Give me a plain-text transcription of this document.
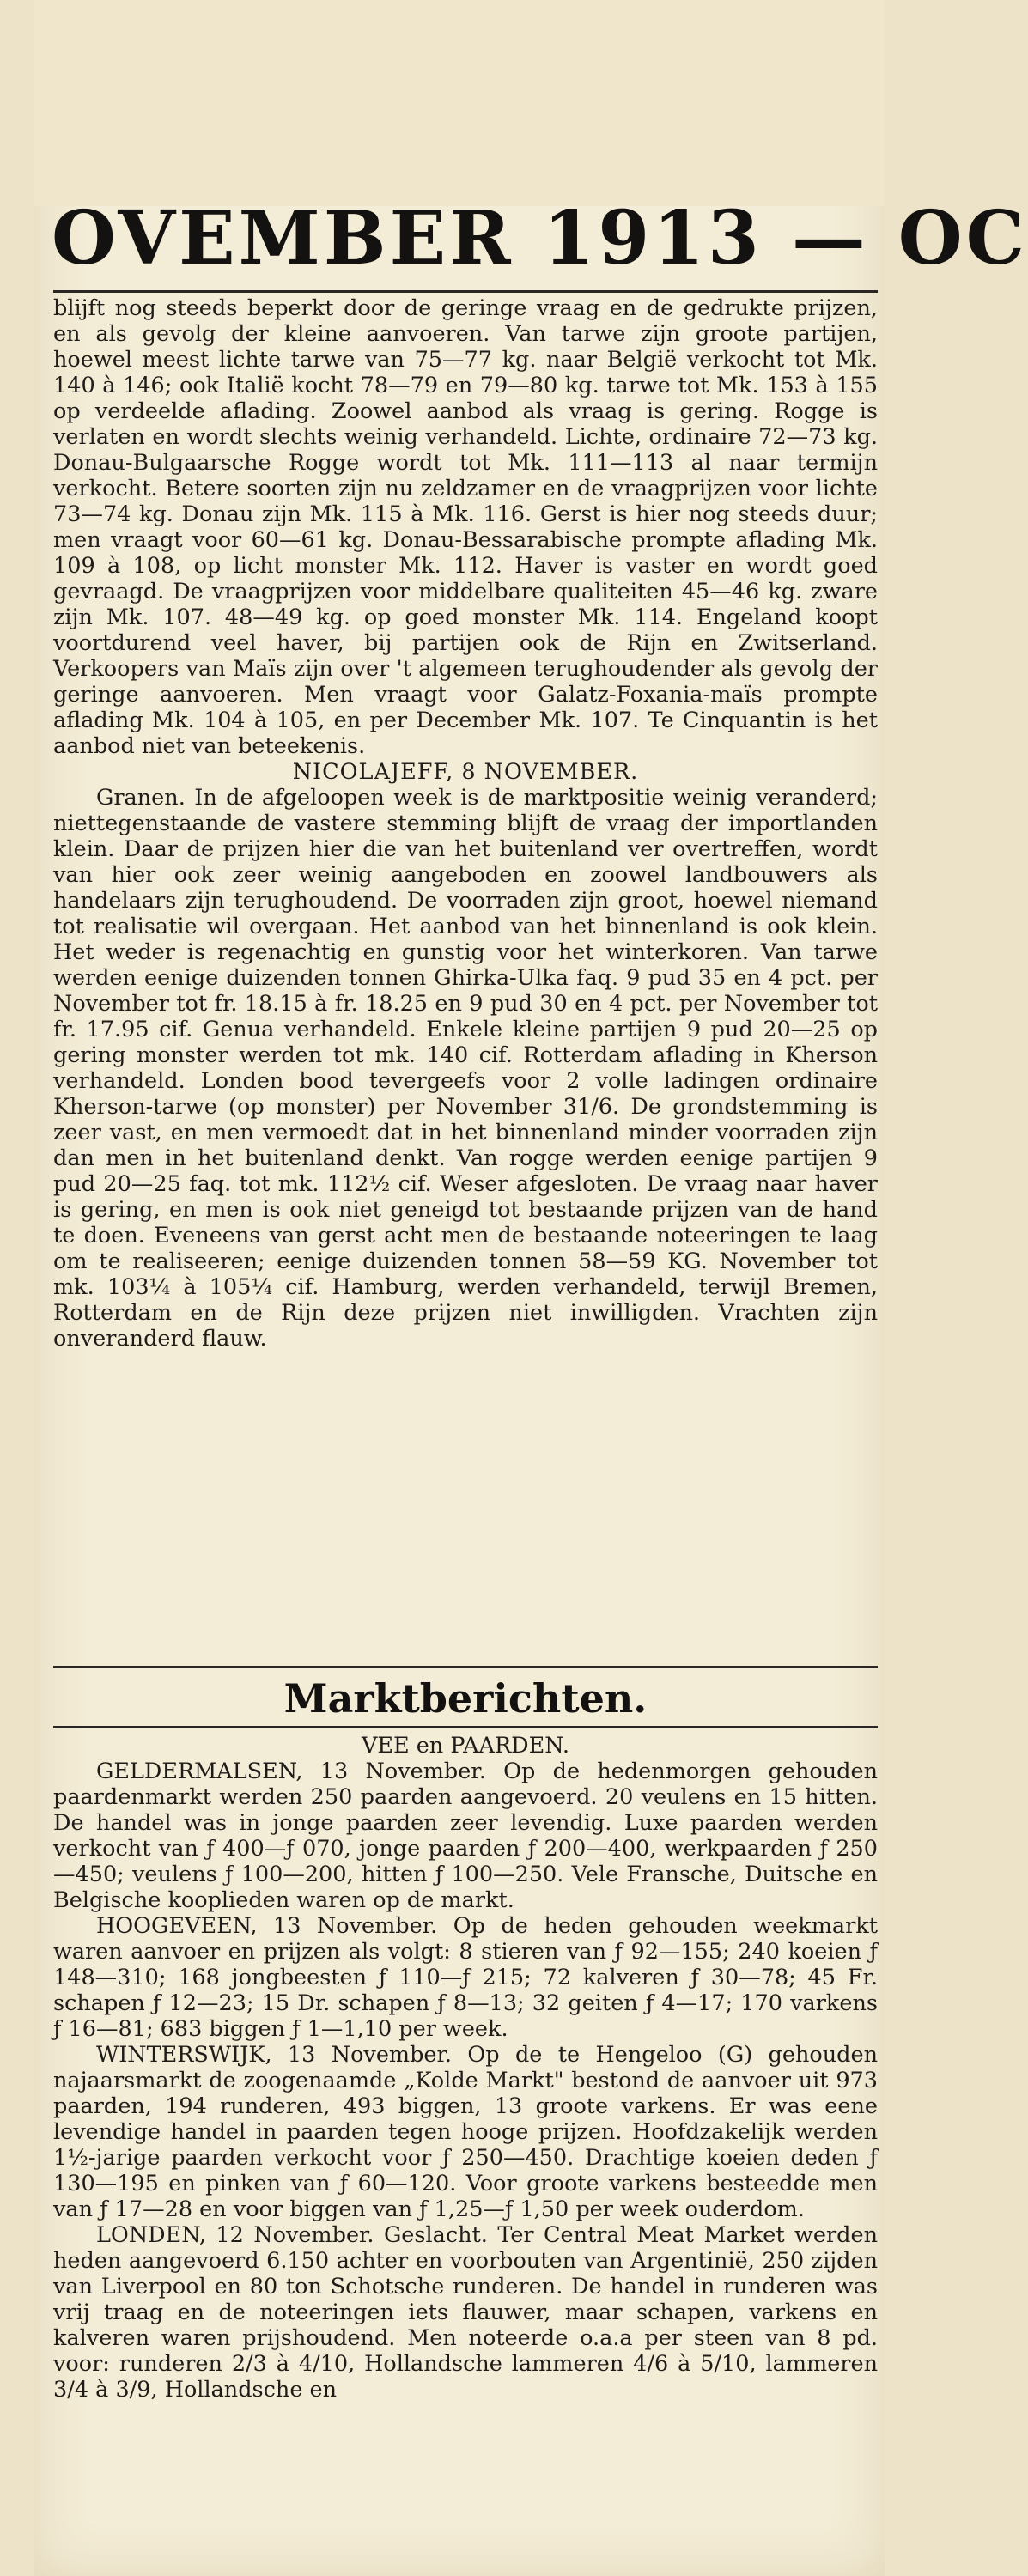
OVEMBER 1913 — OC

blijft nog steeds beperkt door de geringe vraag en de gedrukte prijzen, en als gevolg der kleine aanvoeren. Van tarwe zijn groote partijen, hoewel meest lichte tarwe van 75—77 kg. naar België verkocht tot Mk. 140 à 146; ook Italië kocht 78—79 en 79—80 kg. tarwe tot Mk. 153 à 155 op verdeelde aflading. Zoowel aanbod als vraag is gering. Rogge is verlaten en wordt slechts weinig verhandeld. Lichte, ordinaire 72—73 kg. Donau-Bulgaarsche Rogge wordt tot Mk. 111—113 al naar termijn verkocht. Betere soorten zijn nu zeldzamer en de vraagprijzen voor lichte 73—74 kg. Donau zijn Mk. 115 à Mk. 116. Gerst is hier nog steeds duur; men vraagt voor 60—61 kg. Donau-Bessarabische prompte aflading Mk. 109 à 108, op licht monster Mk. 112. Haver is vaster en wordt goed gevraagd. De vraagprijzen voor middelbare qualiteiten 45—46 kg. zware zijn Mk. 107. 48—49 kg. op goed monster Mk. 114. Engeland koopt voortdurend veel haver, bij partijen ook de Rijn en Zwitserland. Verkoopers van Maïs zijn over 't algemeen terughoudender als gevolg der geringe aanvoeren. Men vraagt voor Galatz-Foxania-maïs prompte aflading Mk. 104 à 105, en per December Mk. 107. Te Cinquantin is het aanbod niet van beteekenis.

NICOLAJEFF, 8 NOVEMBER.

Granen. In de afgeloopen week is de marktpositie weinig veranderd; niettegenstaande de vastere stemming blijft de vraag der importlanden klein. Daar de prijzen hier die van het buitenland ver overtreffen, wordt van hier ook zeer weinig aangeboden en zoowel landbouwers als handelaars zijn terughoudend. De voorraden zijn groot, hoewel niemand tot realisatie wil overgaan. Het aanbod van het binnenland is ook klein. Het weder is regenachtig en gunstig voor het winterkoren. Van tarwe werden eenige duizenden tonnen Ghirka-Ulka faq. 9 pud 35 en 4 pct. per November tot fr. 18.15 à fr. 18.25 en 9 pud 30 en 4 pct. per November tot fr. 17.95 cif. Genua verhandeld. Enkele kleine partijen 9 pud 20—25 op gering monster werden tot mk. 140 cif. Rotterdam aflading in Kherson verhandeld. Londen bood tevergeefs voor 2 volle ladingen ordinaire Kherson-tarwe (op monster) per November 31/6. De grondstemming is zeer vast, en men vermoedt dat in het binnenland minder voorraden zijn dan men in het buitenland denkt. Van rogge werden eenige partijen 9 pud 20—25 faq. tot mk. 112½ cif. Weser afgesloten. De vraag naar haver is gering, en men is ook niet geneigd tot bestaande prijzen van de hand te doen. Eveneens van gerst acht men de bestaande noteeringen te laag om te realiseeren; eenige duizenden tonnen 58—59 KG. November tot mk. 103¼ à 105¼ cif. Hamburg, werden verhandeld, terwijl Bremen, Rotterdam en de Rijn deze prijzen niet inwilligden. Vrachten zijn onveranderd flauw.

Marktberichten.

VEE en PAARDEN.

GELDERMALSEN, 13 November. Op de hedenmorgen gehouden paardenmarkt werden 250 paarden aangevoerd. 20 veulens en 15 hitten. De handel was in jonge paarden zeer levendig. Luxe paarden werden verkocht van ƒ 400—ƒ 070, jonge paarden ƒ 200—400, werkpaarden ƒ 250—450; veulens ƒ 100—200, hitten ƒ 100—250. Vele Fransche, Duitsche en Belgische kooplieden waren op de markt.

HOOGEVEEN, 13 November. Op de heden gehouden weekmarkt waren aanvoer en prijzen als volgt: 8 stieren van ƒ 92—155; 240 koeien ƒ 148—310; 168 jongbeesten ƒ 110—ƒ 215; 72 kalveren ƒ 30—78; 45 Fr. schapen ƒ 12—23; 15 Dr. schapen ƒ 8—13; 32 geiten ƒ 4—17; 170 varkens ƒ 16—81; 683 biggen ƒ 1—1,10 per week.

WINTERSWIJK, 13 November. Op de te Hengeloo (G) gehouden najaarsmarkt de zoogenaamde „Kolde Markt" bestond de aanvoer uit 973 paarden, 194 runderen, 493 biggen, 13 groote varkens. Er was eene levendige handel in paarden tegen hooge prijzen. Hoofdzakelijk werden 1½-jarige paarden verkocht voor ƒ 250—450. Drachtige koeien deden ƒ 130—195 en pinken van ƒ 60—120. Voor groote varkens besteedde men van ƒ 17—28 en voor biggen van ƒ 1,25—ƒ 1,50 per week ouderdom.

LONDEN, 12 November. Geslacht. Ter Central Meat Market werden heden aangevoerd 6.150 achter en voorbouten van Argentinië, 250 zijden van Liverpool en 80 ton Schotsche runderen. De handel in runderen was vrij traag en de noteeringen iets flauwer, maar schapen, varkens en kalveren waren prijshoudend. Men noteerde o.a.a per steen van 8 pd. voor: runderen 2/3 à 4/10, Hollandsche lammeren 4/6 à 5/10, lammeren 3/4 à 3/9, Hollandsche en
